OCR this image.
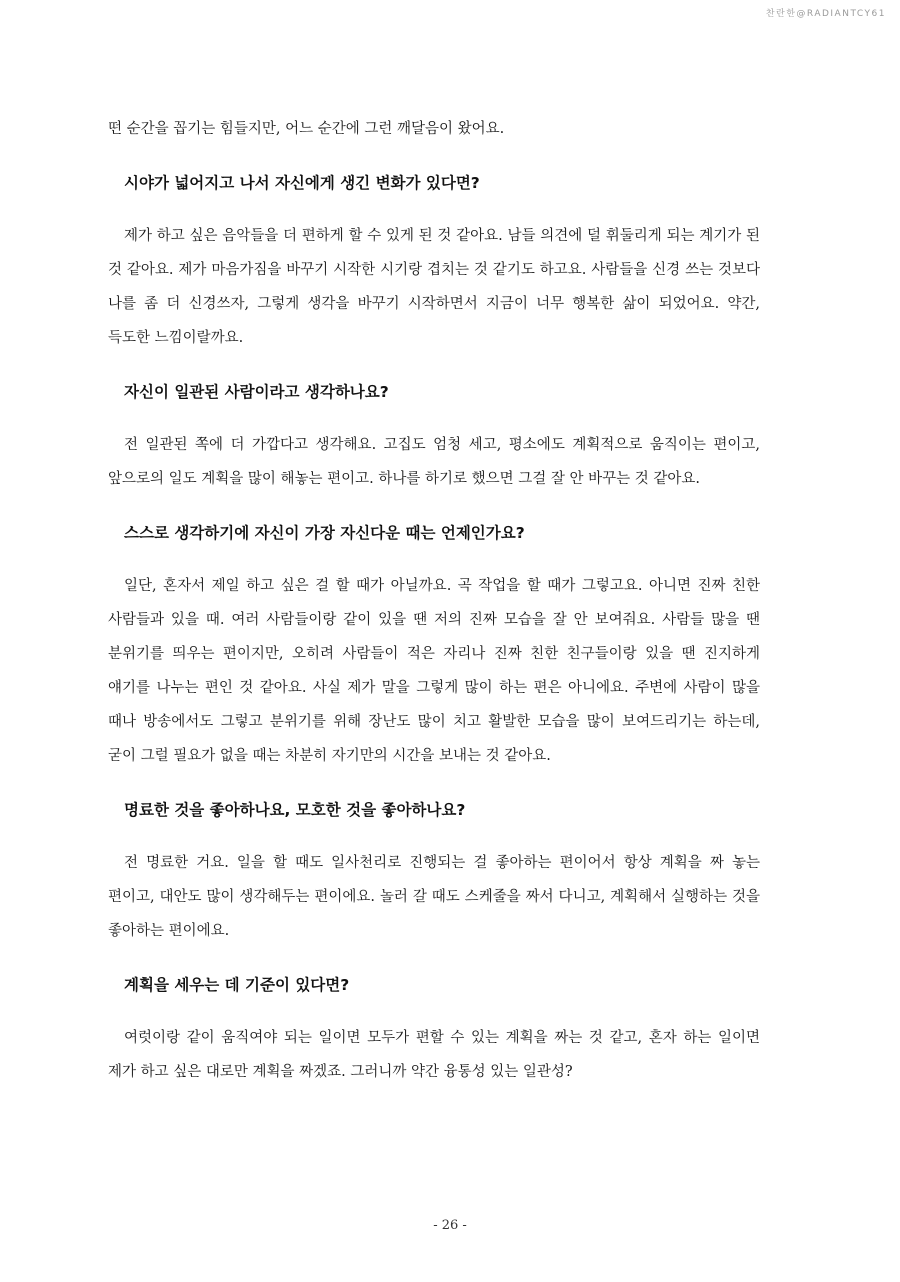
찬란한@RADIANTCY61

떤 순간을 꼽기는 힘들지만, 어느 순간에 그런 깨달음이 왔어요.

시야가 넓어지고 나서 자신에게 생긴 변화가 있다면?

제가 하고 싶은 음악들을 더 편하게 할 수 있게 된 것 같아요. 남들 의견에 덜 휘둘리게 되는 계기가 된 것 같아요. 제가 마음가짐을 바꾸기 시작한 시기랑 겹치는 것 같기도 하고요. 사람들을 신경 쓰는 것보다 나를 좀 더 신경쓰자, 그렇게 생각을 바꾸기 시작하면서 지금이 너무 행복한 삶이 되었어요. 약간, 득도한 느낌이랄까요.

자신이 일관된 사람이라고 생각하나요?

전 일관된 쪽에 더 가깝다고 생각해요. 고집도 엄청 세고, 평소에도 계획적으로 움직이는 편이고, 앞으로의 일도 계획을 많이 해놓는 편이고. 하나를 하기로 했으면 그걸 잘 안 바꾸는 것 같아요.

스스로 생각하기에 자신이 가장 자신다운 때는 언제인가요?

일단, 혼자서 제일 하고 싶은 걸 할 때가 아닐까요. 곡 작업을 할 때가 그렇고요. 아니면 진짜 친한 사람들과 있을 때. 여러 사람들이랑 같이 있을 땐 저의 진짜 모습을 잘 안 보여줘요. 사람들 많을 땐 분위기를 띄우는 편이지만, 오히려 사람들이 적은 자리나 진짜 친한 친구들이랑 있을 땐 진지하게 얘기를 나누는 편인 것 같아요. 사실 제가 말을 그렇게 많이 하는 편은 아니에요. 주변에 사람이 많을 때나 방송에서도 그렇고 분위기를 위해 장난도 많이 치고 활발한 모습을 많이 보여드리기는 하는데, 굳이 그럴 필요가 없을 때는 차분히 자기만의 시간을 보내는 것 같아요.

명료한 것을 좋아하나요, 모호한 것을 좋아하나요?

전 명료한 거요. 일을 할 때도 일사천리로 진행되는 걸 좋아하는 편이어서 항상 계획을 짜 놓는 편이고, 대안도 많이 생각해두는 편이에요. 놀러 갈 때도 스케줄을 짜서 다니고, 계획해서 실행하는 것을 좋아하는 편이에요.

계획을 세우는 데 기준이 있다면?

여럿이랑 같이 움직여야 되는 일이면 모두가 편할 수 있는 계획을 짜는 것 같고, 혼자 하는 일이면 제가 하고 싶은 대로만 계획을 짜겠죠. 그러니까 약간 융통성 있는 일관성?

- 26 -
